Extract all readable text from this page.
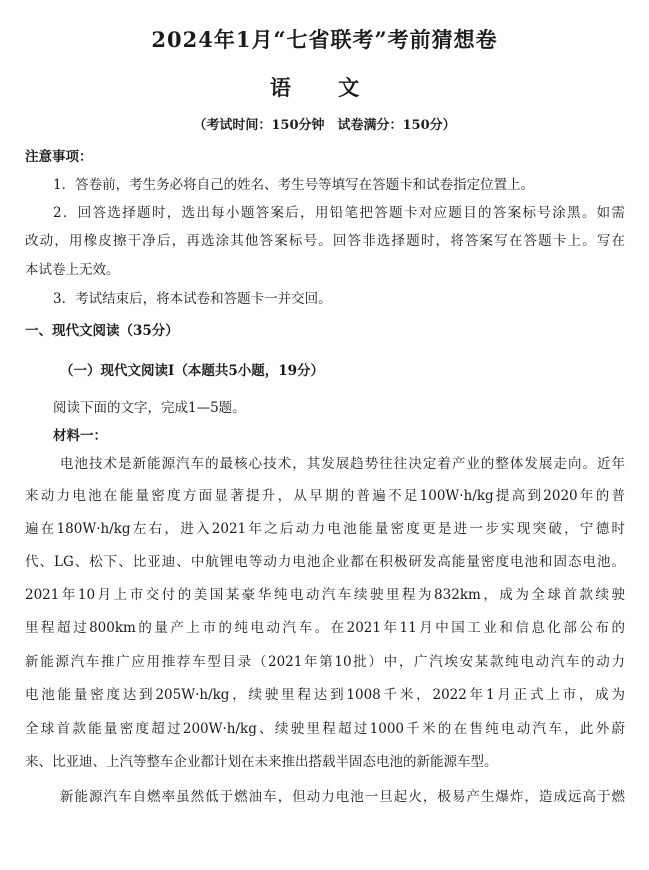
2024年1月“七省联考”考前猜想卷
语 文
（考试时间：150分钟　试卷满分：150分）
注意事项：
1．答卷前，考生务必将自己的姓名、考生号等填写在答题卡和试卷指定位置上。
2．回答选择题时，选出每小题答案后，用铅笔把答题卡对应题目的答案标号涂黑。如需
改动，用橡皮擦干净后，再选涂其他答案标号。回答非选择题时，将答案写在答题卡上。写在
本试卷上无效。
3．考试结束后，将本试卷和答题卡一并交回。
一、现代文阅读（35分）
（一）现代文阅读Ⅰ（本题共5小题，19分）
阅读下面的文字，完成1—5题。
材料一：
电池技术是新能源汽车的最核心技术，其发展趋势往往决定着产业的整体发展走向。近年
来动力电池在能量密度方面显著提升，从早期的普遍不足100W·h/kg提高到2020年的普
遍在180W·h/kg左右，进入2021年之后动力电池能量密度更是进一步实现突破，宁德时
代、LG、松下、比亚迪、中航锂电等动力电池企业都在积极研发高能量密度电池和固态电池。
2021年10月上市交付的美国某豪华纯电动汽车续驶里程为832km，成为全球首款续驶
里程超过800km的量产上市的纯电动汽车。在2021年11月中国工业和信息化部公布的
新能源汽车推广应用推荐车型目录（2021年第10批）中，广汽埃安某款纯电动汽车的动力
电池能量密度达到205W·h/kg，续驶里程达到1008千米，2022年1月正式上市，成为
全球首款能量密度超过200W·h/kg、续驶里程超过1000千米的在售纯电动汽车，此外蔚
来、比亚迪、上汽等整车企业都计划在未来推出搭载半固态电池的新能源车型。
新能源汽车自燃率虽然低于燃油车，但动力电池一旦起火，极易产生爆炸，造成远高于燃
